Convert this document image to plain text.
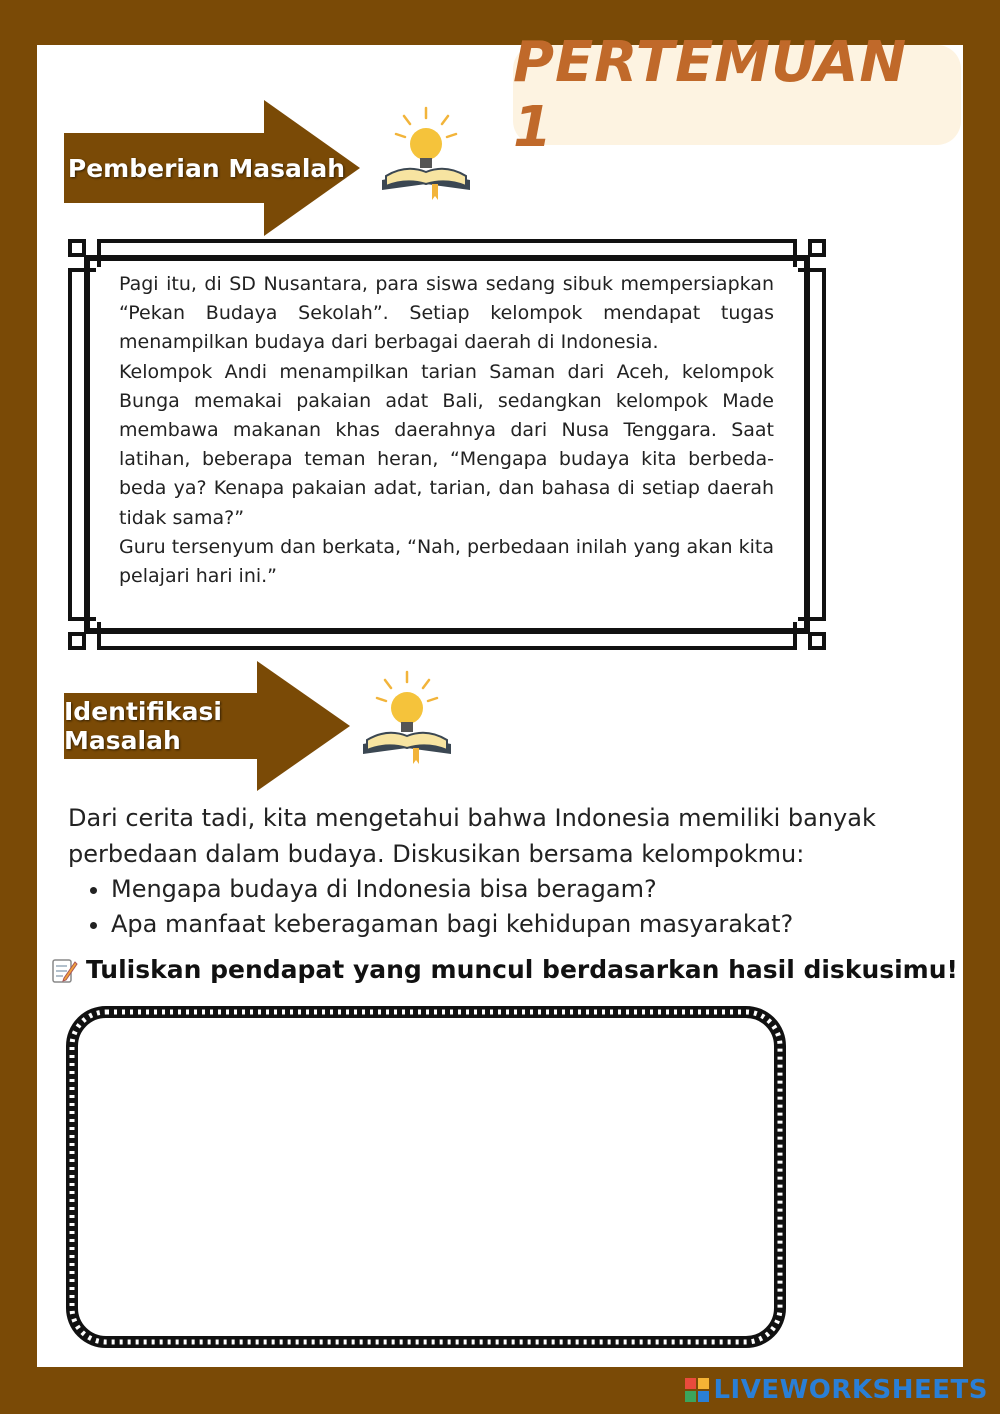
PERTEMUAN 1
Pemberian Masalah

Pagi itu, di SD Nusantara, para siswa sedang sibuk mempersiapkan “Pekan Budaya Sekolah”. Setiap kelompok mendapat tugas menampilkan budaya dari berbagai daerah di Indonesia.

Kelompok Andi menampilkan tarian Saman dari Aceh, kelompok Bunga memakai pakaian adat Bali, sedangkan kelompok Made membawa makanan khas daerahnya dari Nusa Tenggara. Saat latihan, beberapa teman heran, “Mengapa budaya kita berbeda-beda ya? Kenapa pakaian adat, tarian, dan bahasa di setiap daerah tidak sama?”

Guru tersenyum dan berkata, “Nah, perbedaan inilah yang akan kita pelajari hari ini.”

Identifikasi Masalah

Dari cerita tadi, kita mengetahui bahwa Indonesia memiliki banyak perbedaan dalam budaya. Diskusikan bersama kelompokmu:

• Mengapa budaya di Indonesia bisa beragam?
• Apa manfaat keberagaman bagi kehidupan masyarakat?
Tuliskan pendapat yang muncul berdasarkan hasil diskusimu!
LIVEWORKSHEETS
